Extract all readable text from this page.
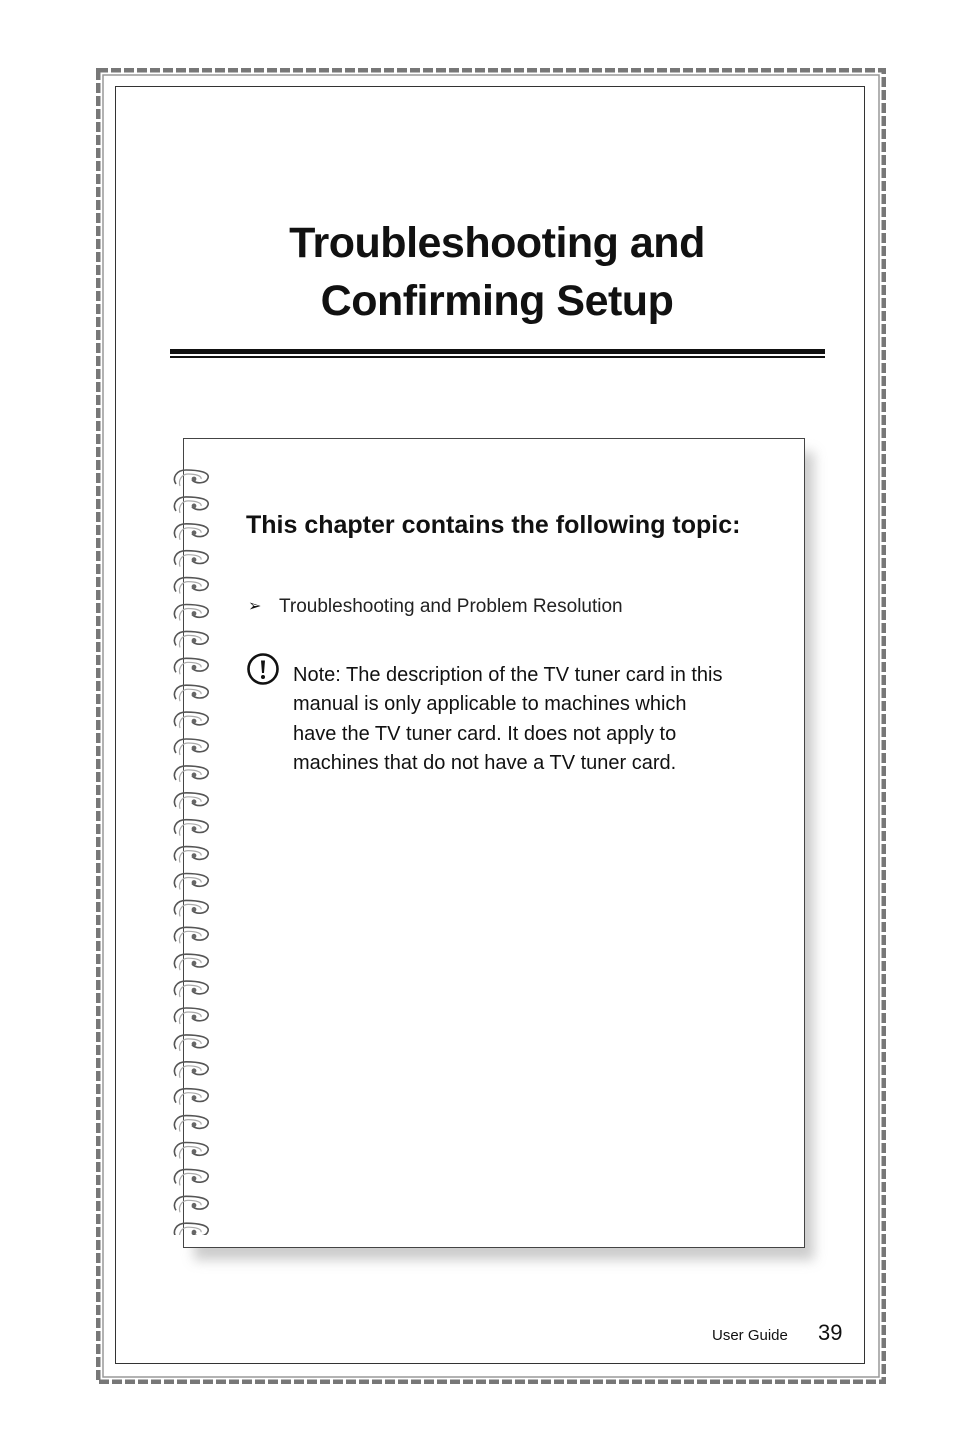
Troubleshooting and
Confirming Setup
This chapter contains the following topic:
➢ Troubleshooting and Problem Resolution
Note: The description of the TV tuner card in this manual is only applicable to machines which have the TV tuner card. It does not apply to machines that do not have a TV tuner card.
User Guide 39
